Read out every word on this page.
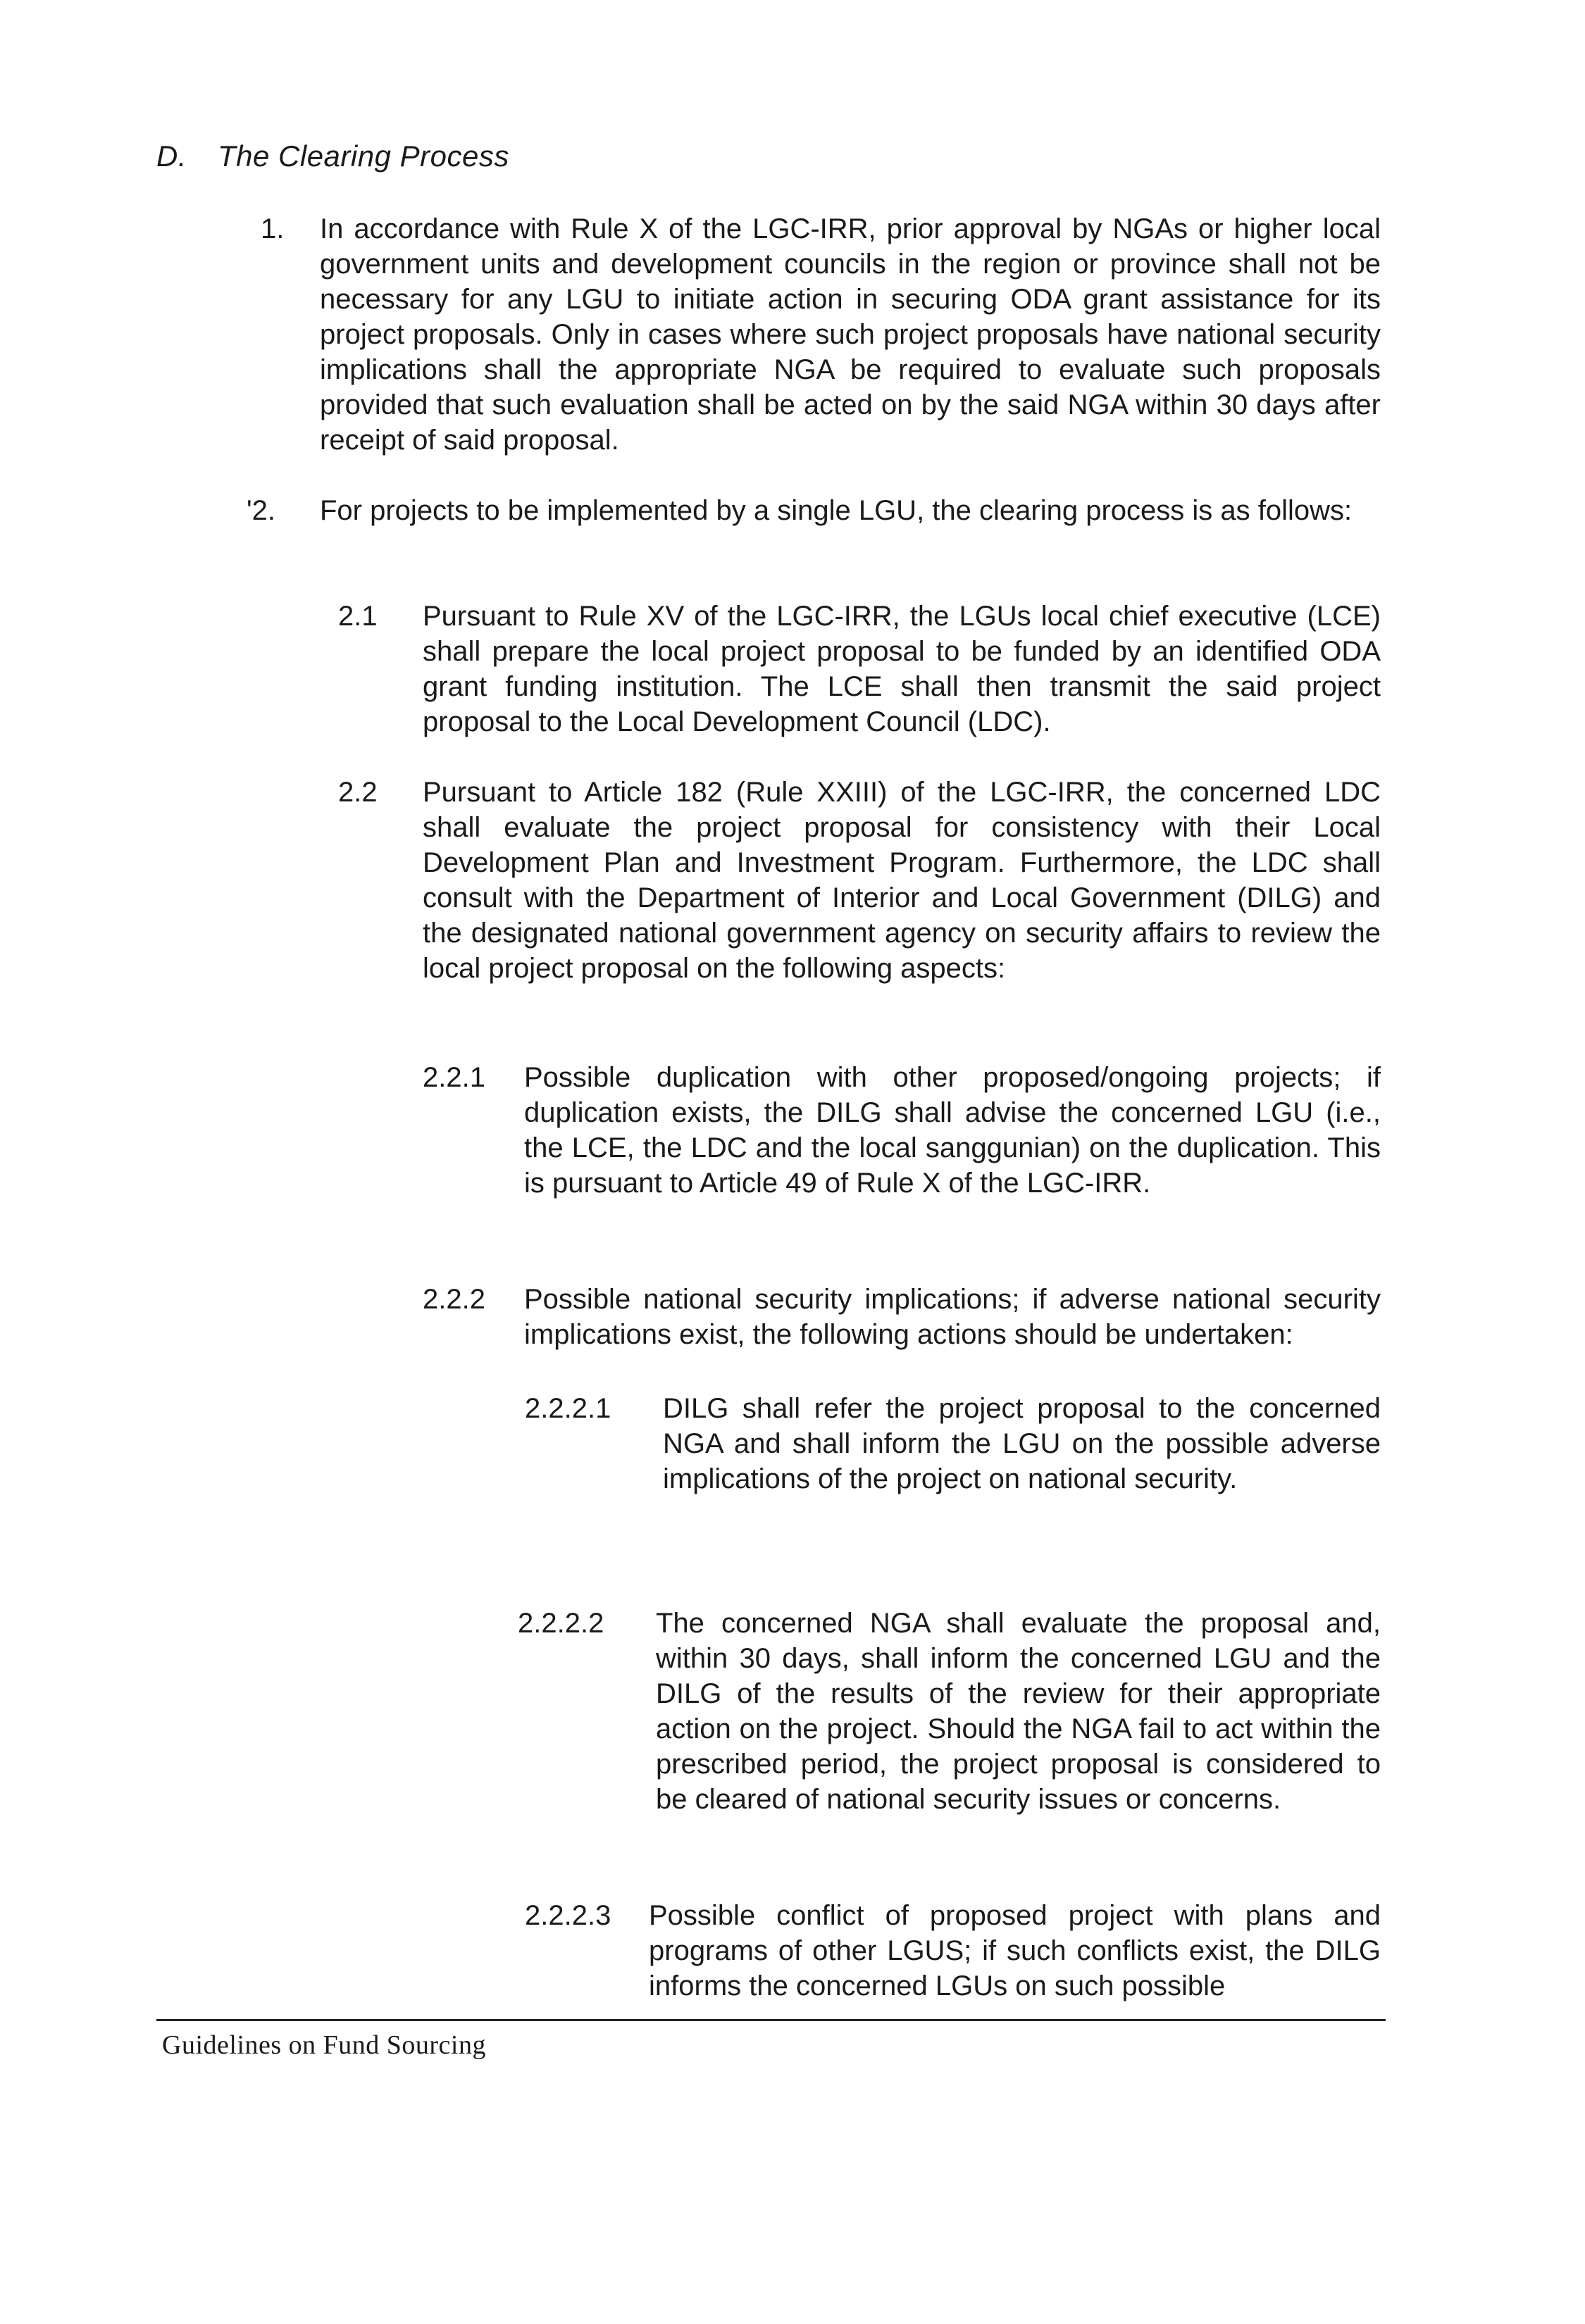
D. The Clearing Process
1.	In accordance with Rule X of the LGC-IRR, prior approval by NGAs or higher local government units and development councils in the region or province shall not be necessary for any LGU to initiate action in securing ODA grant assistance for its project proposals. Only in cases where such project proposals have national security implications shall the appropriate NGA be required to evaluate such proposals provided that such evaluation shall be acted on by the said NGA within 30 days after receipt of said proposal.
'2.	For projects to be implemented by a single LGU, the clearing process is as follows:
2.1	Pursuant to Rule XV of the LGC-IRR, the LGUs local chief executive (LCE) shall prepare the local project proposal to be funded by an identified ODA grant funding institution. The LCE shall then transmit the said project proposal to the Local Development Council (LDC).
2.2	Pursuant to Article 182 (Rule XXIII) of the LGC-IRR, the concerned LDC shall evaluate the project proposal for consistency with their Local Development Plan and Investment Program. Furthermore, the LDC shall consult with the Department of Interior and Local Government (DILG) and the designated national government agency on security affairs to review the local project proposal on the following aspects:
2.2.1	Possible duplication with other proposed/ongoing projects; if duplication exists, the DILG shall advise the concerned LGU (i.e., the LCE, the LDC and the local sanggunian) on the duplication. This is pursuant to Article 49 of Rule X of the LGC-IRR.
2.2.2	Possible national security implications; if adverse national security implications exist, the following actions should be undertaken:
2.2.2.1	DILG shall refer the project proposal to the concerned NGA and shall inform the LGU on the possible adverse implications of the project on national security.
2.2.2.2	The concerned NGA shall evaluate the proposal and, within 30 days, shall inform the concerned LGU and the DILG of the results of the review for their appropriate action on the project. Should the NGA fail to act within the prescribed period, the project proposal is considered to be cleared of national security issues or concerns.
2.2.2.3	Possible conflict of proposed project with plans and programs of other LGUS; if such conflicts exist, the DILG informs the concerned LGUs on such possible
Guidelines on Fund Sourcing
